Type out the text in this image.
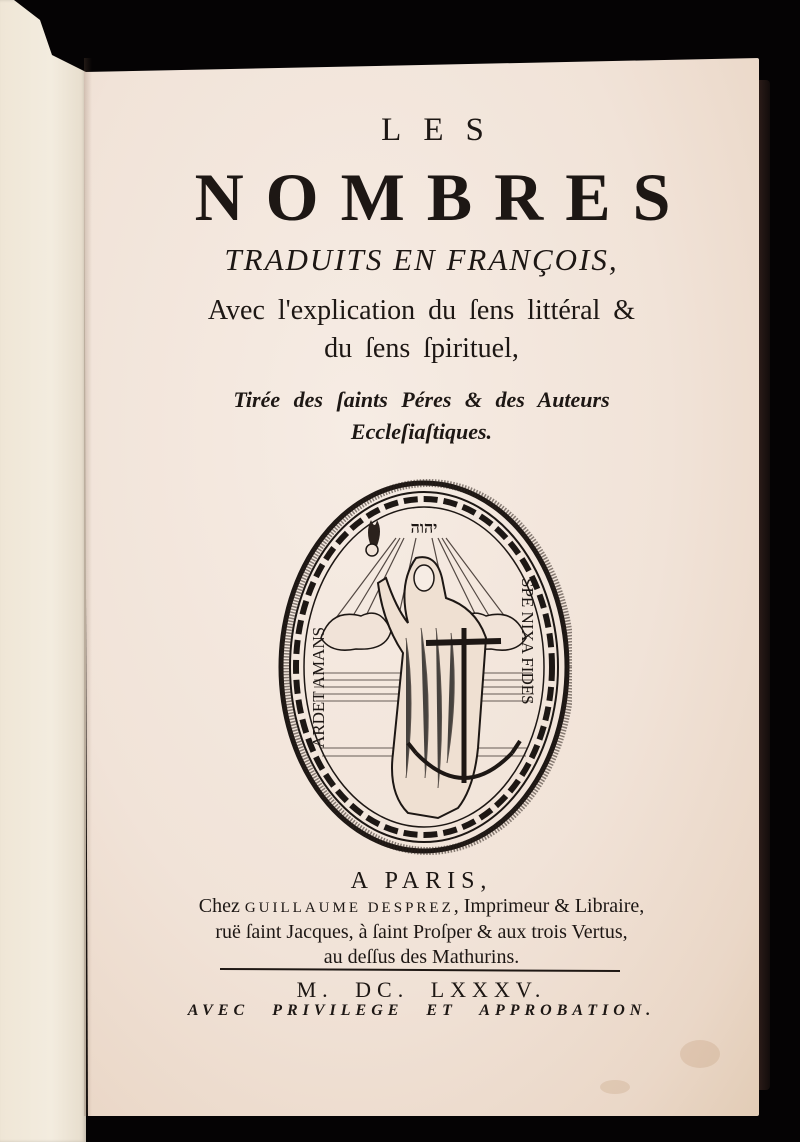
LES
NOMBRES
TRADUITS EN FRANÇOIS,
Avec l'explication du ſens littéral &
du ſens ſpirituel,
Tirée des ſaints Péres & des Auteurs
Eccleſiaſtiques.
A PARIS,
Chez GUILLAUME DESPREZ, Imprimeur & Libraire,
ruë ſaint Jacques, à ſaint Proſper & aux trois Vertus,
au deſſus des Mathurins.
M. DC. LXXXV.
AVEC PRIVILEGE ET APPROBATION.
יהוה
ARDET AMANS	SPE NIXA FIDES
